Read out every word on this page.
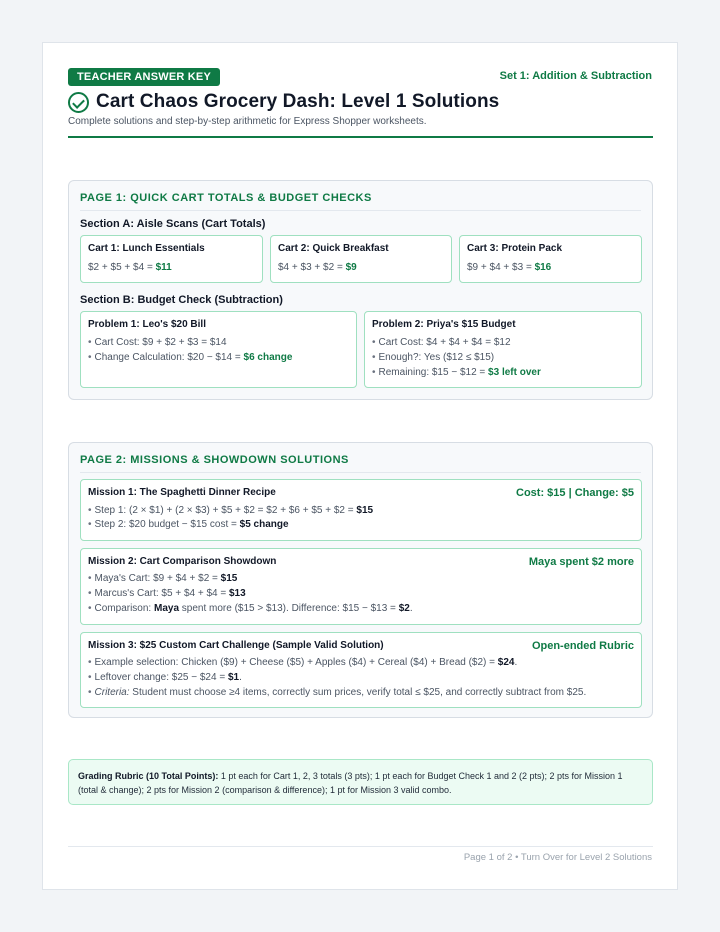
TEACHER ANSWER KEY	Set 1: Addition & Subtraction
Cart Chaos Grocery Dash: Level 1 Solutions
Complete solutions and step-by-step arithmetic for Express Shopper worksheets.
PAGE 1: QUICK CART TOTALS & BUDGET CHECKS
Section A: Aisle Scans (Cart Totals)
Cart 1: Lunch Essentials
$2 + $5 + $4 = $11
Cart 2: Quick Breakfast
$4 + $3 + $2 = $9
Cart 3: Protein Pack
$9 + $4 + $3 = $16
Section B: Budget Check (Subtraction)
Problem 1: Leo's $20 Bill
• Cart Cost: $9 + $2 + $3 = $14
• Change Calculation: $20 − $14 = $6 change
Problem 2: Priya's $15 Budget
• Cart Cost: $4 + $4 + $4 = $12
• Enough?: Yes ($12 ≤ $15)
• Remaining: $15 − $12 = $3 left over
PAGE 2: MISSIONS & SHOWDOWN SOLUTIONS
Mission 1: The Spaghetti Dinner Recipe	Cost: $15 | Change: $5
• Step 1: (2 × $1) + (2 × $3) + $5 + $2 = $2 + $6 + $5 + $2 = $15
• Step 2: $20 budget − $15 cost = $5 change
Mission 2: Cart Comparison Showdown	Maya spent $2 more
• Maya's Cart: $9 + $4 + $2 = $15
• Marcus's Cart: $5 + $4 + $4 = $13
• Comparison: Maya spent more ($15 > $13). Difference: $15 − $13 = $2.
Mission 3: $25 Custom Cart Challenge (Sample Valid Solution)	Open-ended Rubric
• Example selection: Chicken ($9) + Cheese ($5) + Apples ($4) + Cereal ($4) + Bread ($2) = $24.
• Leftover change: $25 − $24 = $1.
• Criteria: Student must choose ≥4 items, correctly sum prices, verify total ≤ $25, and correctly subtract from $25.
Grading Rubric (10 Total Points): 1 pt each for Cart 1, 2, 3 totals (3 pts); 1 pt each for Budget Check 1 and 2 (2 pts); 2 pts for Mission 1 (total & change); 2 pts for Mission 2 (comparison & difference); 1 pt for Mission 3 valid combo.
Page 1 of 2 • Turn Over for Level 2 Solutions
